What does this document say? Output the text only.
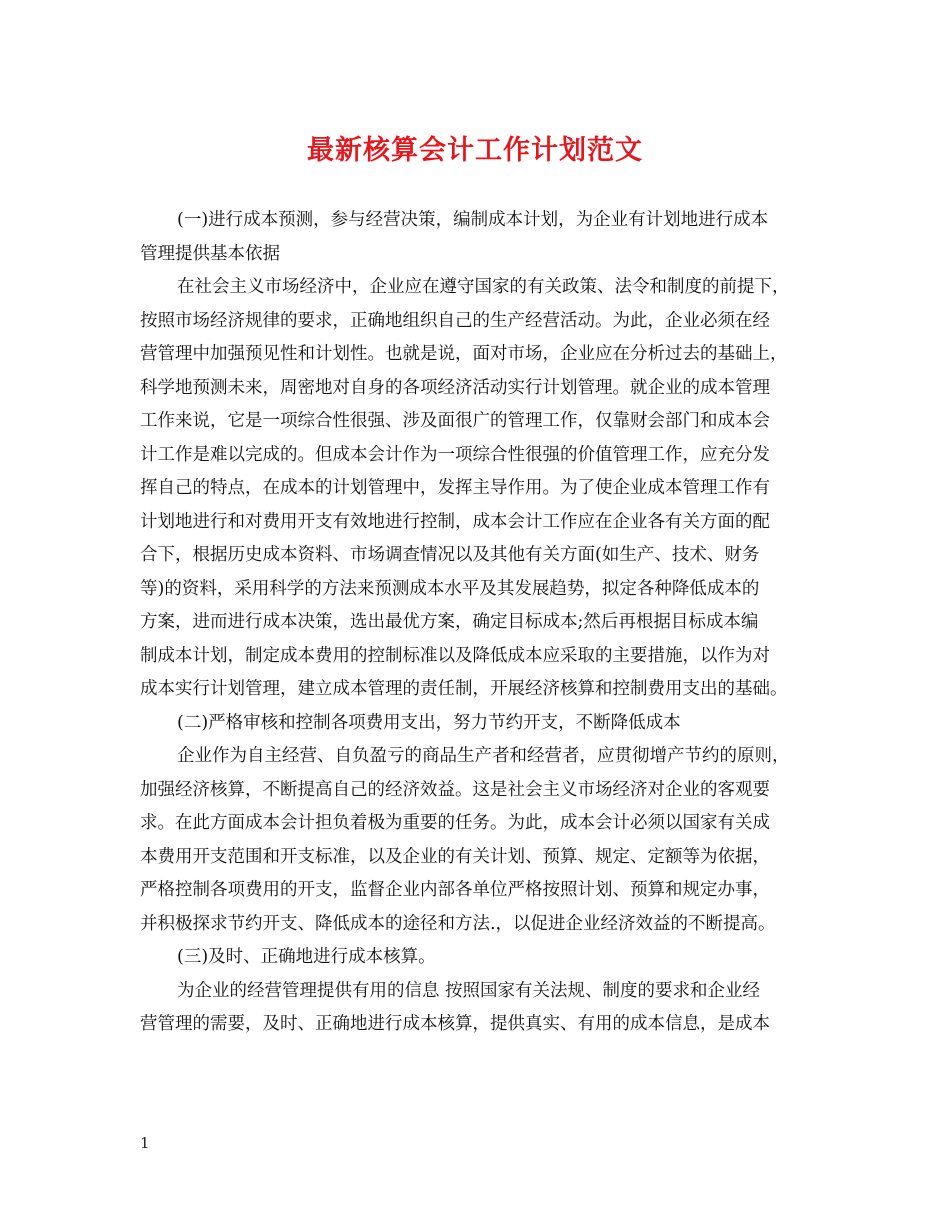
最新核算会计工作计划范文
(一)进行成本预测，参与经营决策，编制成本计划，为企业有计划地进行成本
管理提供基本依据
在社会主义市场经济中，企业应在遵守国家的有关政策、法令和制度的前提下，
按照市场经济规律的要求，正确地组织自己的生产经营活动。为此，企业必须在经
营管理中加强预见性和计划性。也就是说，面对市场，企业应在分析过去的基础上，
科学地预测未来，周密地对自身的各项经济活动实行计划管理。就企业的成本管理
工作来说，它是一项综合性很强、涉及面很广的管理工作，仅靠财会部门和成本会
计工作是难以完成的。但成本会计作为一项综合性很强的价值管理工作，应充分发
挥自己的特点，在成本的计划管理中，发挥主导作用。为了使企业成本管理工作有
计划地进行和对费用开支有效地进行控制，成本会计工作应在企业各有关方面的配
合下，根据历史成本资料、市场调查情况以及其他有关方面(如生产、技术、财务
等)的资料，采用科学的方法来预测成本水平及其发展趋势，拟定各种降低成本的
方案，进而进行成本决策，选出最优方案，确定目标成本;然后再根据目标成本编
制成本计划，制定成本费用的控制标准以及降低成本应采取的主要措施，以作为对
成本实行计划管理，建立成本管理的责任制，开展经济核算和控制费用支出的基础。
(二)严格审核和控制各项费用支出，努力节约开支，不断降低成本
企业作为自主经营、自负盈亏的商品生产者和经营者，应贯彻增产节约的原则，
加强经济核算，不断提高自己的经济效益。这是社会主义市场经济对企业的客观要
求。在此方面成本会计担负着极为重要的任务。为此，成本会计必须以国家有关成
本费用开支范围和开支标准，以及企业的有关计划、预算、规定、定额等为依据，
严格控制各项费用的开支，监督企业内部各单位严格按照计划、预算和规定办事，
并积极探求节约开支、降低成本的途径和方法.，以促进企业经济效益的不断提高。
(三)及时、正确地进行成本核算。
为企业的经营管理提供有用的信息 按照国家有关法规、制度的要求和企业经
营管理的需要，及时、正确地进行成本核算，提供真实、有用的成本信息，是成本
1
